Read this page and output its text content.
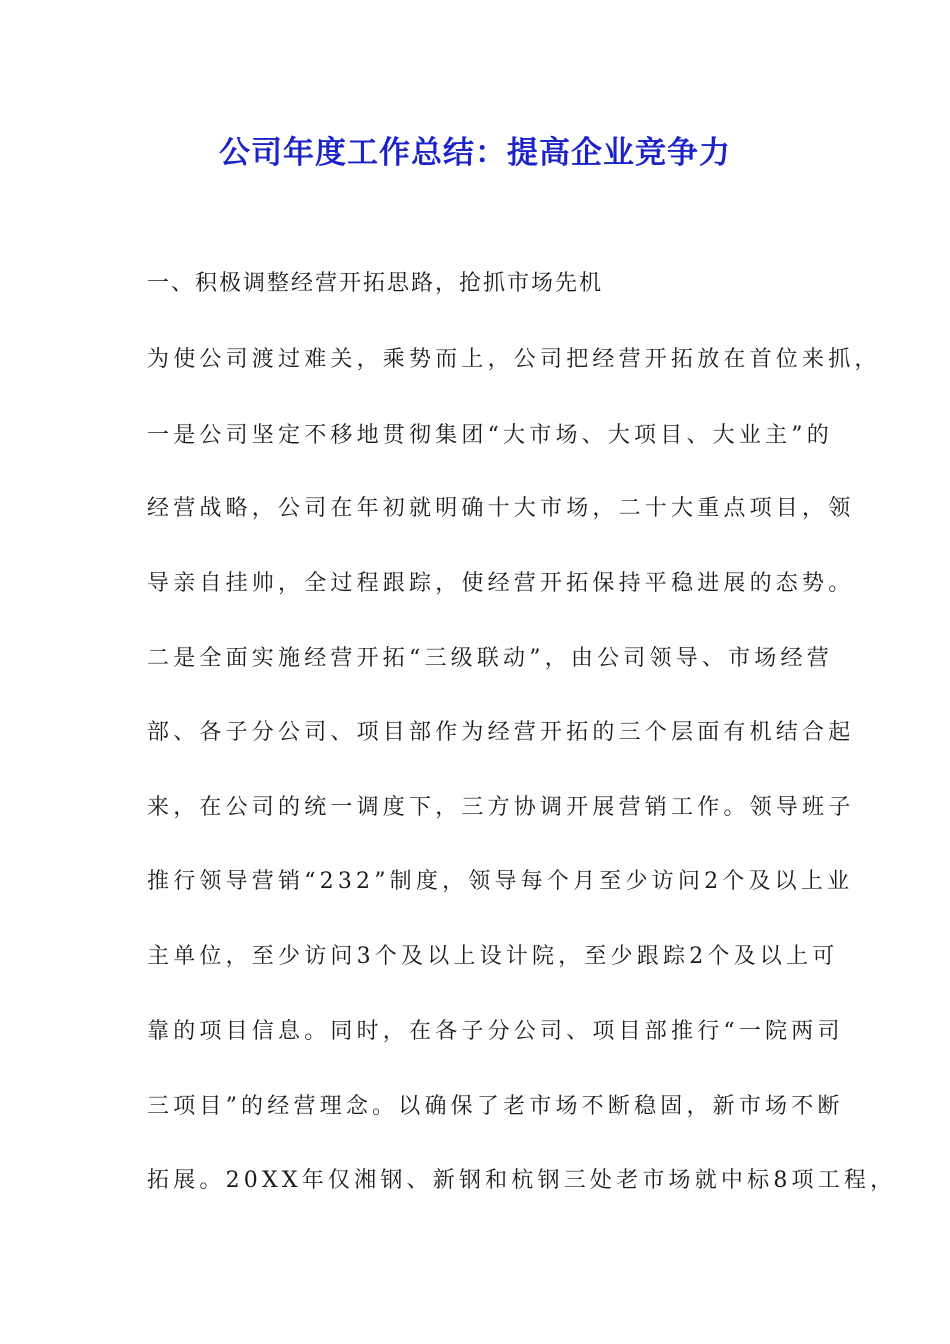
公司年度工作总结：提高企业竞争力

一、积极调整经营开拓思路，抢抓市场先机

为使公司渡过难关，乘势而上，公司把经营开拓放在首位来抓，

一是公司坚定不移地贯彻集团“大市场、大项目、大业主”的

经营战略，公司在年初就明确十大市场，二十大重点项目，领

导亲自挂帅，全过程跟踪，使经营开拓保持平稳进展的态势。

二是全面实施经营开拓“三级联动”，由公司领导、市场经营

部、各子分公司、项目部作为经营开拓的三个层面有机结合起

来，在公司的统一调度下，三方协调开展营销工作。领导班子

推行领导营销“232”制度，领导每个月至少访问2个及以上业

主单位，至少访问3个及以上设计院，至少跟踪2个及以上可

靠的项目信息。同时，在各子分公司、项目部推行“一院两司

三项目”的经营理念。以确保了老市场不断稳固，新市场不断

拓展。20XX年仅湘钢、新钢和杭钢三处老市场就中标8项工程，
